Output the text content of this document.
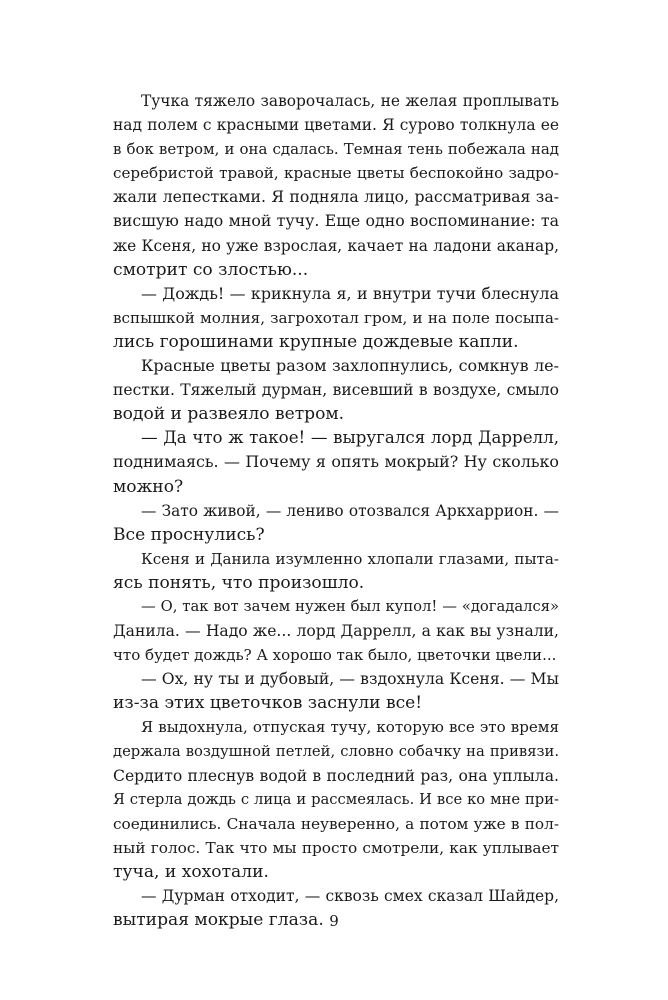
Тучка тяжело заворочалась, не желая проплывать
над полем с красными цветами. Я сурово толкнула ее
в бок ветром, и она сдалась. Темная тень побежала над
серебристой травой, красные цветы беспокойно задро-
жали лепестками. Я подняла лицо, рассматривая за-
висшую надо мной тучу. Еще одно воспоминание: та
же Ксеня, но уже взрослая, качает на ладони аканар,
смотрит со злостью...
— Дождь! — крикнула я, и внутри тучи блеснула
вспышкой молния, загрохотал гром, и на поле посыпа-
лись горошинами крупные дождевые капли.
Красные цветы разом захлопнулись, сомкнув ле-
пестки. Тяжелый дурман, висевший в воздухе, смыло
водой и развеяло ветром.
— Да что ж такое! — выругался лорд Даррелл,
поднимаясь. — Почему я опять мокрый? Ну сколько
можно?
— Зато живой, — лениво отозвался Аркхаррион. —
Все проснулись?
Ксеня и Данила изумленно хлопали глазами, пыта-
ясь понять, что произошло.
— О, так вот зачем нужен был купол! — «догадался»
Данила. — Надо же... лорд Даррелл, а как вы узнали,
что будет дождь? А хорошо так было, цветочки цвели...
— Ох, ну ты и дубовый, — вздохнула Ксеня. — Мы
из-за этих цветочков заснули все!
Я выдохнула, отпуская тучу, которую все это время
держала воздушной петлей, словно собачку на привязи.
Сердито плеснув водой в последний раз, она уплыла.
Я стерла дождь с лица и рассмеялась. И все ко мне при-
соединились. Сначала неуверенно, а потом уже в пол-
ный голос. Так что мы просто смотрели, как уплывает
туча, и хохотали.
— Дурман отходит, — сквозь смех сказал Шайдер,
вытирая мокрые глаза. 9
